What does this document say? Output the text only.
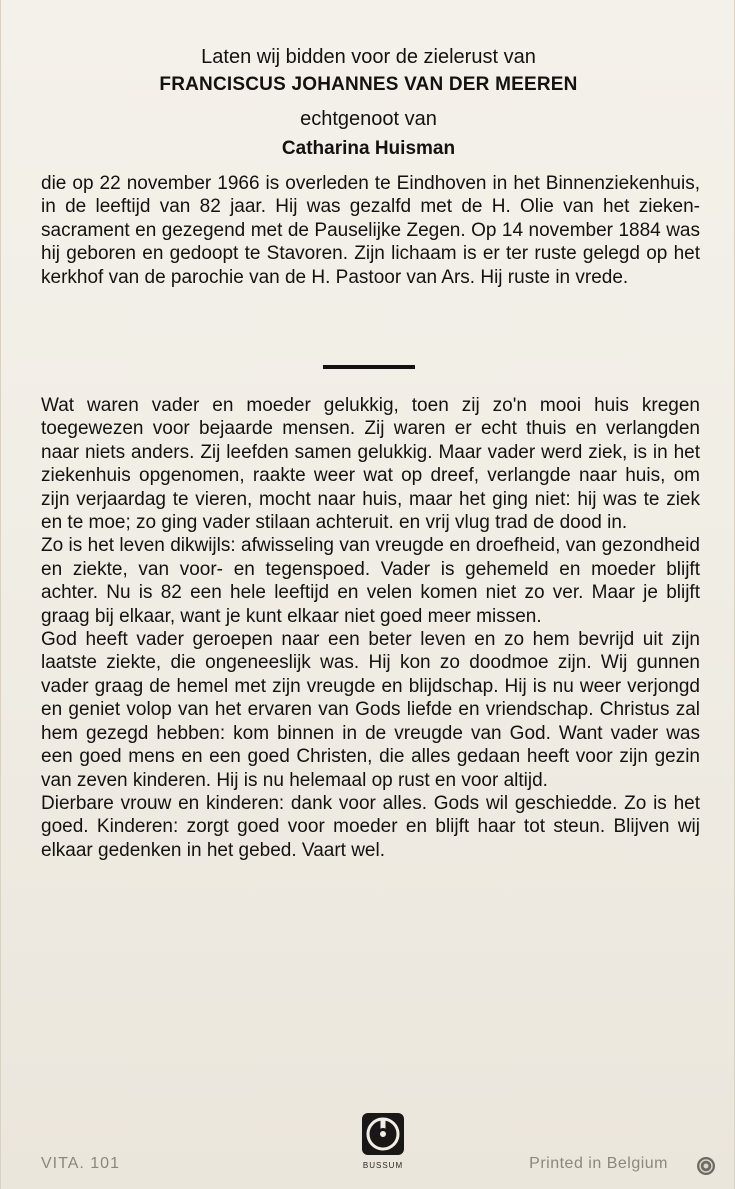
Laten wij bidden voor de zielerust van
FRANCISCUS JOHANNES VAN DER MEEREN
echtgenoot van
Catharina Huisman

die op 22 november 1966 is overleden te Eindhoven in het Binnenziekenhuis, in de leeftijd van 82 jaar. Hij was gezalfd met de H. Olie van het zieken-sacrament en gezegend met de Pauselijke Zegen. Op 14 november 1884 was hij geboren en gedoopt te Stavoren. Zijn lichaam is er ter ruste gelegd op het kerkhof van de parochie van de H. Pastoor van Ars. Hij ruste in vrede.

Wat waren vader en moeder gelukkig, toen zij zo'n mooi huis kregen toegewezen voor bejaarde mensen. Zij waren er echt thuis en verlangden naar niets anders. Zij leefden samen gelukkig. Maar vader werd ziek, is in het ziekenhuis opgenomen, raakte weer wat op dreef, verlangde naar huis, om zijn verjaardag te vieren, mocht naar huis, maar het ging niet: hij was te ziek en te moe; zo ging vader stilaan achteruit. en vrij vlug trad de dood in.

Zo is het leven dikwijls: afwisseling van vreugde en droefheid, van gezondheid en ziekte, van voor- en tegenspoed. Vader is gehemeld en moeder blijft achter. Nu is 82 een hele leeftijd en velen komen niet zo ver. Maar je blijft graag bij elkaar, want je kunt elkaar niet goed meer missen.

God heeft vader geroepen naar een beter leven en zo hem bevrijd uit zijn laatste ziekte, die ongeneeslijk was. Hij kon zo doodmoe zijn. Wij gunnen vader graag de hemel met zijn vreugde en blijdschap. Hij is nu weer verjongd en geniet volop van het ervaren van Gods liefde en vriendschap. Christus zal hem gezegd hebben: kom binnen in de vreugde van God. Want vader was een goed mens en een goed Christen, die alles gedaan heeft voor zijn gezin van zeven kinderen. Hij is nu helemaal op rust en voor altijd.

Dierbare vrouw en kinderen: dank voor alles. Gods wil geschiedde. Zo is het goed. Kinderen: zorgt goed voor moeder en blijft haar tot steun. Blijven wij elkaar gedenken in het gebed. Vaart wel.

BUSSUM
VITA. 101	Printed in Belgium
